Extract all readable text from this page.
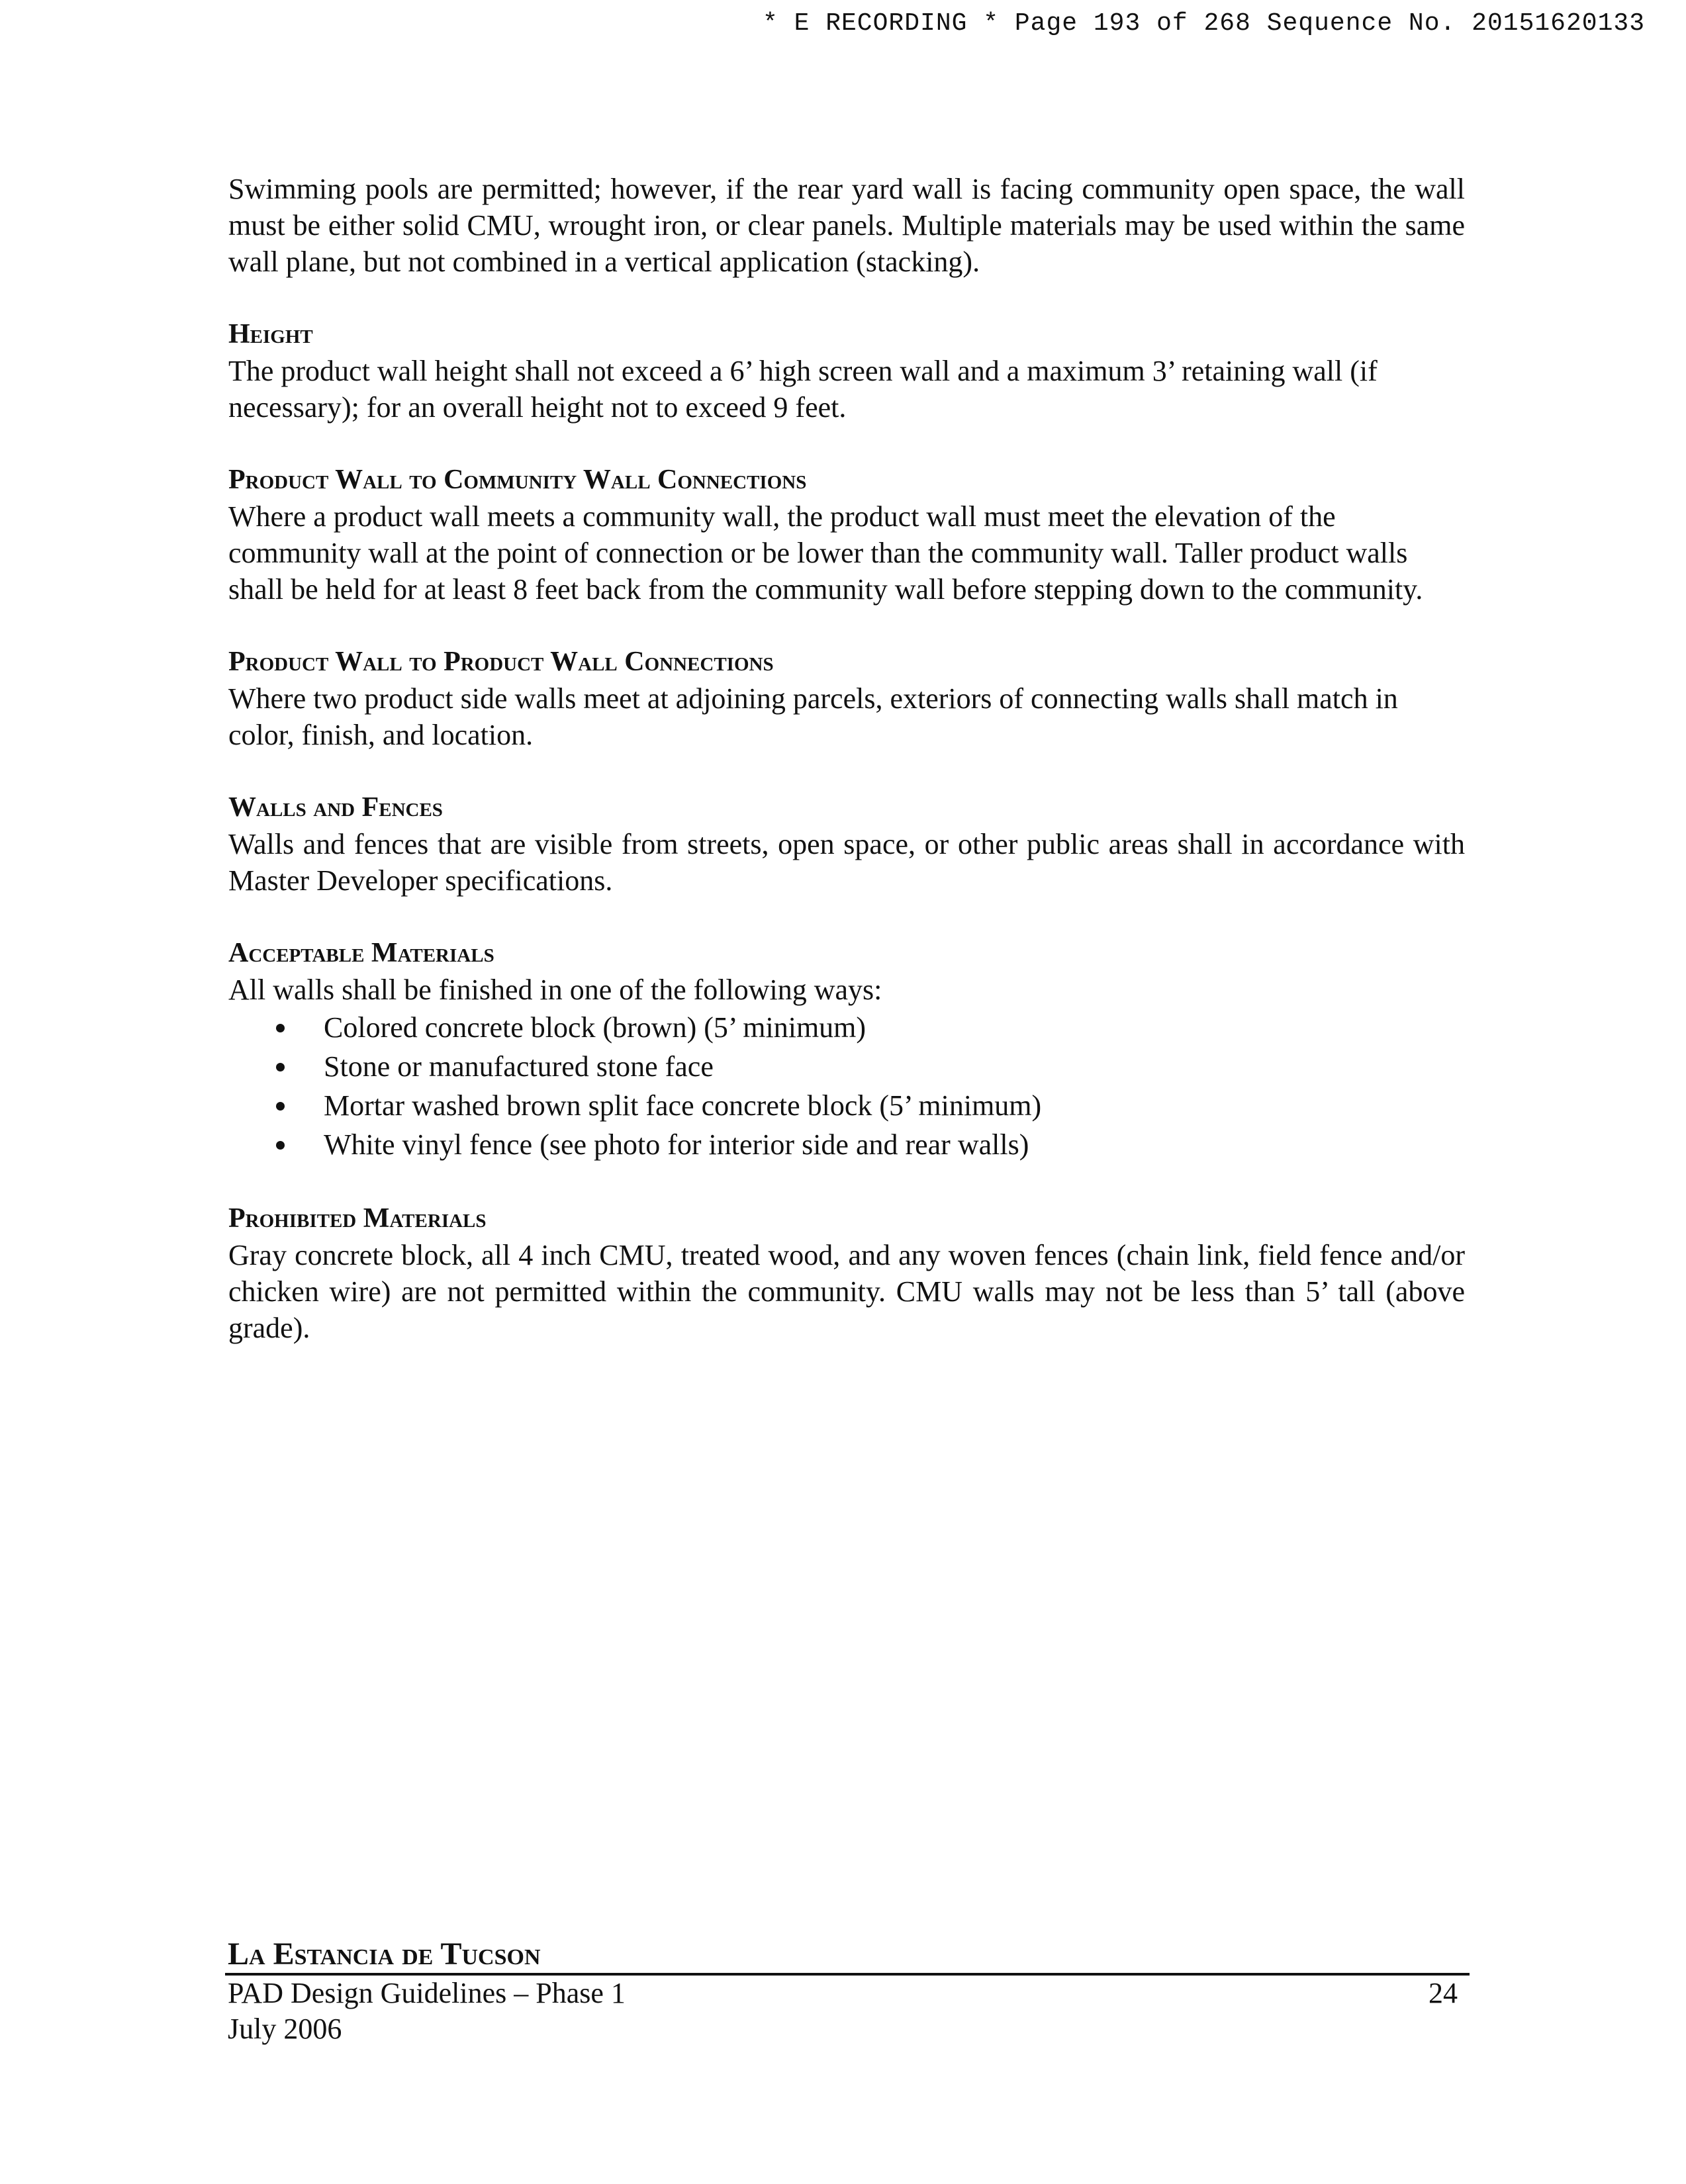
* E RECORDING * Page 193 of 268 Sequence No. 20151620133

Swimming pools are permitted; however, if the rear yard wall is facing community open space, the wall must be either solid CMU, wrought iron, or clear panels. Multiple materials may be used within the same wall plane, but not combined in a vertical application (stacking).

Height

The product wall height shall not exceed a 6’ high screen wall and a maximum 3’ retaining wall (if necessary); for an overall height not to exceed 9 feet.

Product Wall to Community Wall Connections

Where a product wall meets a community wall, the product wall must meet the elevation of the community wall at the point of connection or be lower than the community wall. Taller product walls shall be held for at least 8 feet back from the community wall before stepping down to the community.

Product Wall to Product Wall Connections

Where two product side walls meet at adjoining parcels, exteriors of connecting walls shall match in color, finish, and location.

Walls and Fences

Walls and fences that are visible from streets, open space, or other public areas shall in accordance with Master Developer specifications.

Acceptable Materials

All walls shall be finished in one of the following ways:

Colored concrete block (brown) (5’ minimum)
Stone or manufactured stone face
Mortar washed brown split face concrete block (5’ minimum)
White vinyl fence (see photo for interior side and rear walls)

Prohibited Materials

Gray concrete block, all 4 inch CMU, treated wood, and any woven fences (chain link, field fence and/or chicken wire) are not permitted within the community. CMU walls may not be less than 5’ tall (above grade).

La Estancia de Tucson
PAD Design Guidelines – Phase 1	24
July 2006
